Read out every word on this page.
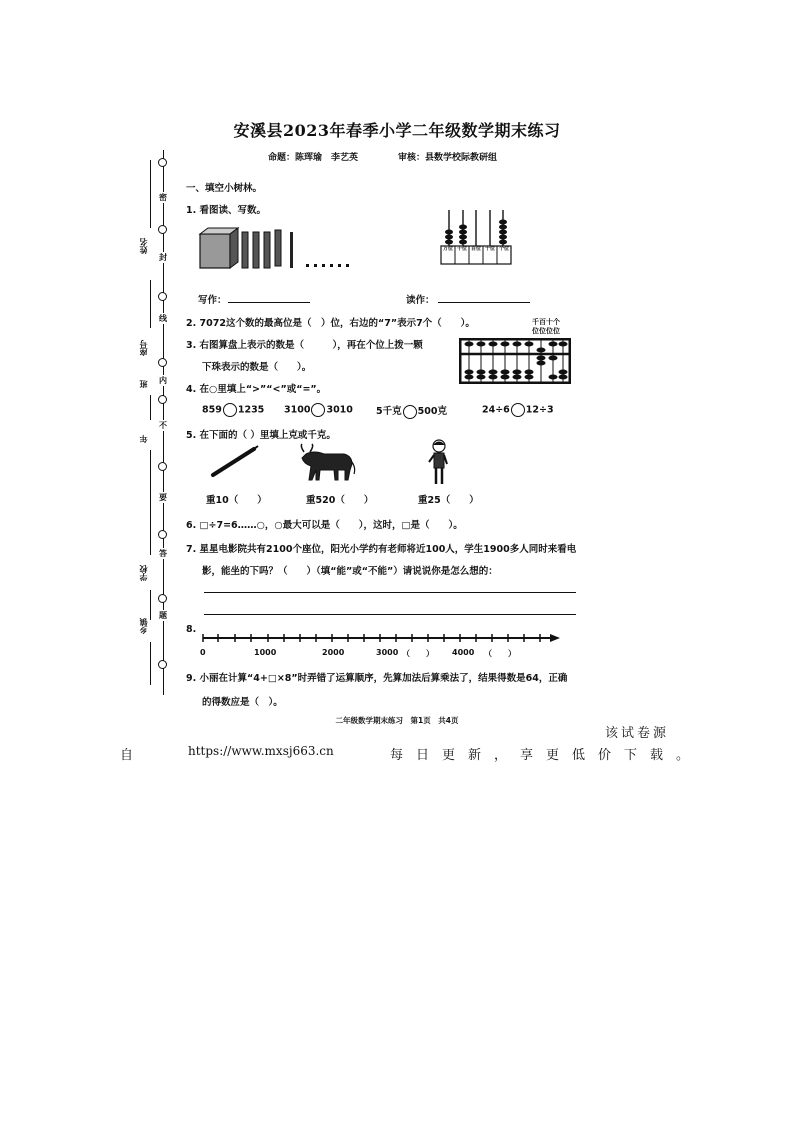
安溪县2023年春季小学二年级数学期末练习
命题：陈珲瑜　李艺英	审核：县数学校际教研组
密
封
线
内
不
要
答
题
姓名
座号
班
年
学校
乡镇
一、填空小树林。
1. 看图读、写数。
万位 千位 百位 十位 个位
写作：	读作：
2. 7072这个数的最高位是（　）位，右边的“7”表示7个（　　）。	千百十个
位位位位
3. 右图算盘上表示的数是（　　　），再在个位上拨一颗
下珠表示的数是（　　）。
4. 在○里填上“>”“<”或“=”。
859 1235 3100 3010 5千克 500克	24÷6 12÷3
5. 在下面的（ ）里填上克或千克。
重10（　　）	重520（　　）	重25（　　）
6. □÷7=6……○，○最大可以是（　　），这时，□是（　　）。
7. 星星电影院共有2100个座位，阳光小学约有老师将近100人，学生1900多人同时来看电
影，能坐的下吗？（　　）（填“能”或“不能”）请说说你是怎么想的：
8.
0	1000	2000	3000 （　　） 4000 （　　）
9. 小丽在计算“4+□×8”时弄错了运算顺序，先算加法后算乘法了，结果得数是64，正确
的得数应是（　）。
二年级数学期末练习　第1页　共4页
该试卷源
自	https://www.mxsj663.cn	每日更新，享更低价下载。
